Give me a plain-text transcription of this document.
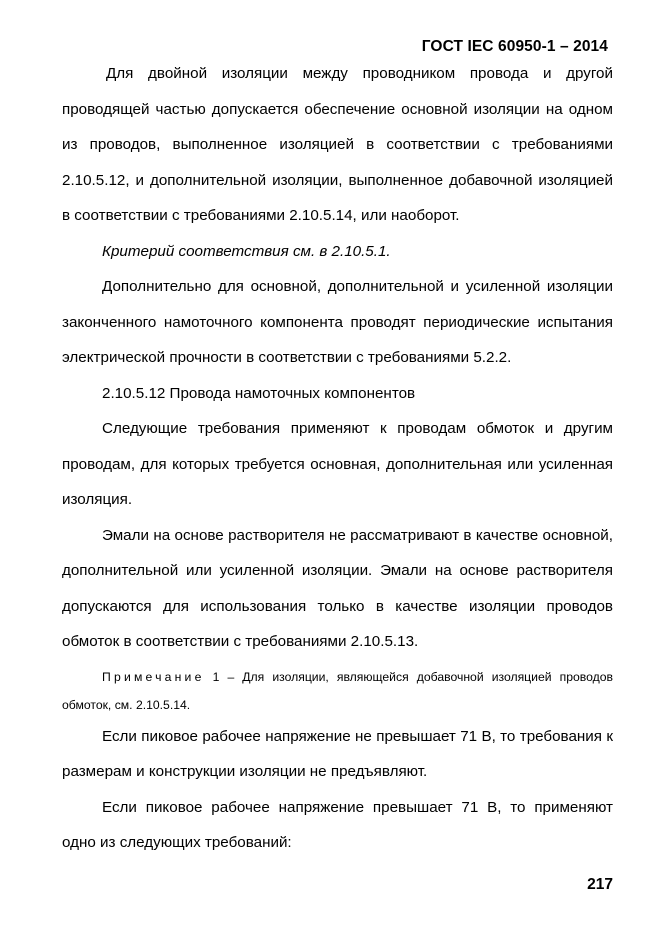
ГОСТ IEC 60950-1 – 2014

Для двойной изоляции между проводником провода и другой проводящей частью допускается обеспечение основной изоляции на одном из проводов, выполненное изоляцией в соответствии с требованиями 2.10.5.12, и дополнительной изоляции, выполненное добавочной изоляцией в соответствии с требованиями 2.10.5.14, или наоборот.

Критерий соответствия см. в 2.10.5.1.

Дополнительно для основной, дополнительной и усиленной изоляции законченного намоточного компонента проводят периодические испытания электрической прочности в соответствии с требованиями 5.2.2.

2.10.5.12 Провода намоточных компонентов

Следующие требования применяют к проводам обмоток и другим проводам, для которых требуется основная, дополнительная или усиленная изоляция.

Эмали на основе растворителя не рассматривают в качестве основной, дополнительной или усиленной изоляции. Эмали на основе растворителя допускаются для использования только в качестве изоляции проводов обмоток в соответствии с требованиями 2.10.5.13.

Примечание 1 – Для изоляции, являющейся добавочной изоляцией проводов обмоток, см. 2.10.5.14.

Если пиковое рабочее напряжение не превышает 71 В, то требования к размерам и конструкции изоляции не предъявляют.

Если пиковое рабочее напряжение превышает 71 В, то применяют одно из следующих требований:

217
